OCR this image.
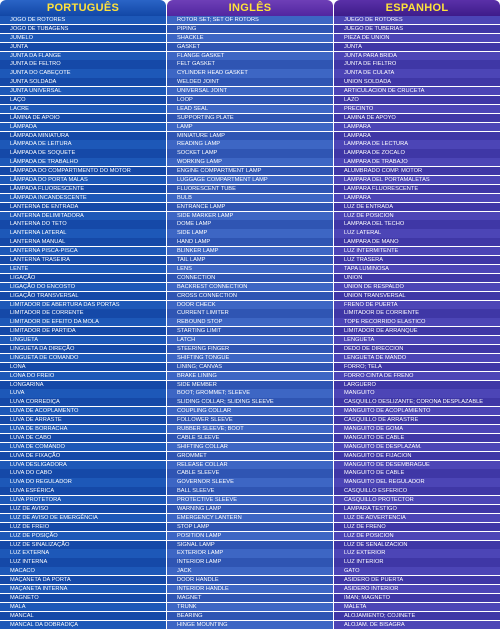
PORTUGUÊS	INGLÊS	ESPANHOL
JOGO DE ROTORES	ROTOR SET; SET OF ROTORS	JUEGO DE ROTORES
JOGO DE TUBAGENS	PIPING	JUEGO DE TUBERIAS
JUMELO	SHACKLE	PIEZA DE UNION
JUNTA	GASKET	JUNTA
JUNTA DA FLANGE	FLANGE GASKET	JUNTA PARA BRIDA
JUNTA DE FELTRO	FELT GASKET	JUNTA DE FIELTRO
JUNTA DO CABEÇOTE	CYLINDER HEAD GASKET	JUNTA DE CULATA
JUNTA SOLDADA	WELDED JOINT	UNION SOLDADA
JUNTA UNIVERSAL	UNIVERSAL JOINT	ARTICULACION DE CRUCETA
LAÇO	LOOP	LAZO
LACRE	LEAD SEAL	PRECINTO
LÂMINA DE APOIO	SUPPORTING PLATE	LAMINA DE APOYO
LÂMPADA	LAMP	LAMPARA
LÂMPADA MINIATURA	MINIATURE LAMP	LAMPARA
LÂMPADA DE LEITURA	READING LAMP	LAMPARA DE LECTURA
LÂMPADA DE SOQUETE	SOCKET LAMP	LAMPARA DE ZOCALO
LÂMPADA DE TRABALHO	WORKING LAMP	LAMPARA DE TRABAJO
LÂMPADA DO COMPARTIMENTO DO MOTOR	ENGINE COMPARTMENT LAMP	ALUMBRADO COMP. MOTOR
LÂMPADA DO PORTA MALAS	LUGGAGE COMPARTMENT LAMP	LAMPARA DEL PORTAMALETAS
LÂMPADA FLUORESCENTE	FLUORESCENT TUBE	LAMPARA FLUORESCENTE
LÂMPADA INCANDESCENTE	BULB	LAMPARA
LANTERNA DE ENTRADA	ENTRANCE LAMP	LUZ DE ENTRADA
LANTERNA DELIMITADORA	SIDE MARKER LAMP	LUZ DE POSICION
LANTERNA DO TETO	DOME LAMP	LAMPARA DEL TECHO
LANTERNA LATERAL	SIDE LAMP	LUZ LATERAL
LANTERNA MANUAL	HAND LAMP	LAMPARA DE MANO
LANTERNA PISCA-PISCA	BLINKER LAMP	LUZ INTERMITENTE
LANTERNA TRASEIRA	TAIL LAMP	LUZ TRASERA
LENTE	LENS	TAPA LUMINOSA
LIGAÇÃO	CONNECTION	UNION
LIGAÇÃO DO ENCOSTO	BACKREST CONNECTION	UNION DE RESPALDO
LIGAÇÃO TRANSVERSAL	CROSS CONNECTION	UNION TRANSVERSAL
LIMITADOR DE ABERTURA DAS PORTAS	DOOR CHECK	FRENO DE PUERTA
LIMITADOR DE CORRENTE	CURRENT LIMITER	LIMITADOR DE CORRIENTE
LIMITADOR DE EFEITO DA MOLA	REBOUND STOP	TOPE RECORRIDO ELASTICO
LIMITADOR DE PARTIDA	STARTING LIMIT	LIMITADOR DE ARRANQUE
LINGUETA	LATCH	LENGUETA
LINGUETA DA DIREÇÃO	STEERING FINGER	DEDO DE DIRECCION
LINGUETA DE COMANDO	SHIFTING TONGUE	LENGUETA DE MANDO
LONA	LINING; CANVAS	FORRO; TELA
LONA DO FREIO	BRAKE LINING	FORRO CINTA DE FRENO
LONGARINA	SIDE MEMBER	LARGUERO
LUVA	BOOT; GROMMET; SLEEVE	MANGUITO
LUVA CORREDIÇA	SLIDING COLLAR; SLIDING SLEEVE	CASQUILLO DESLIZANTE; CORONA DESPLAZABLE
LUVA DE ACOPLAMENTO	COUPLING COLLAR	MANGUITO DE ACOPLAMIENTO
LUVA DE ARRASTE	FOLLOWER SLEEVE	CASQUILLO DE ARRASTRE
LUVA DE BORRACHA	RUBBER SLEEVE; BOOT	MANGUITO DE GOMA
LUVA DE CABO	CABLE SLEEVE	MANGUITO DE CABLE
LUVA DE COMANDO	SHIFTING COLLAR	MANGUITO DE DESPLAZAM.
LUVA DE FIXAÇÃO	GROMMET	MANGUITO DE FIJACION
LUVA DESLIGADORA	RELEASE COLLAR	MANGUITO DE DESEMBRAGUE
LUVA DO CABO	CABLE SLEEVE	MANGUITO DE CABLE
LUVA DO REGULADOR	GOVERNOR SLEEVE	MANGUITO DEL REGULADOR
LUVA ESFÉRICA	BALL SLEEVE	CASQUILLO ESFERICO
LUVA PROTETORA	PROTECTIVE SLEEVE	CASQUILLO PROTECTOR
LUZ DE AVISO	WARNING LAMP	LAMPARA TESTIGO
LUZ DE AVISO DE EMERGÊNCIA	EMERGENCY LANTERN	LUZ DE ADVERTENCIA
LUZ DE FREIO	STOP LAMP	LUZ DE FRENO
LUZ DE POSIÇÃO	POSITION LAMP	LUZ DE POSICION
LUZ DE SINALIZAÇÃO	SIGNAL LAMP	LUZ DE SENALIZACION
LUZ EXTERNA	EXTERIOR LAMP	LUZ EXTERIOR
LUZ INTERNA	INTERIOR LAMP	LUZ INTERIOR
MACACO	JACK	GATO
MAÇANETA DA PORTA	DOOR HANDLE	ASIDERO DE PUERTA
MAÇANETA INTERNA	INTERIOR HANDLE	ASIDERO INTERIOR
MAGNETO	MAGNET	IMAN; MAGNETO
MALA	TRUNK	MALETA
MANCAL	BEARING	ALOJAMIENTO; COJINETE
MANCAL DA DOBRADIÇA	HINGE MOUNTING	ALOJAM. DE BISAGRA
